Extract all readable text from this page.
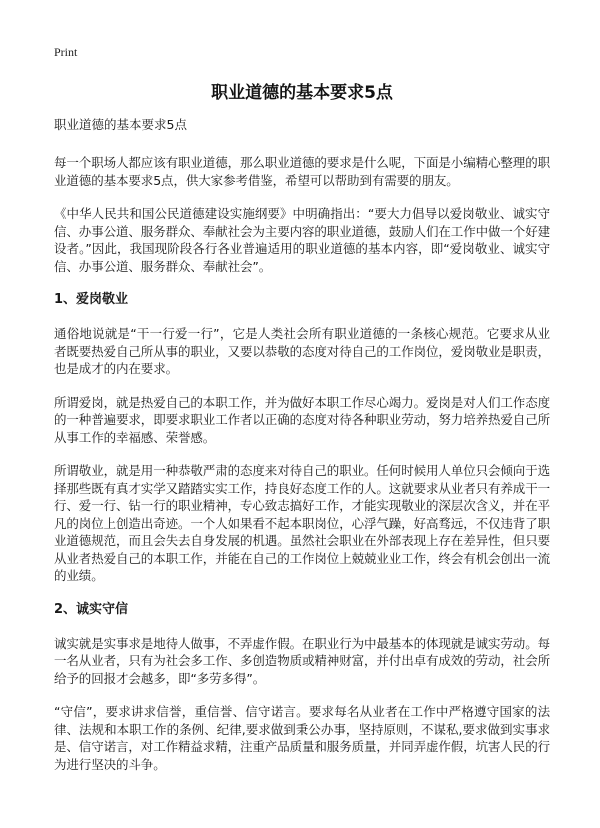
Print
职业道德的基本要求5点
职业道德的基本要求5点

每一个职场人都应该有职业道德，那么职业道德的要求是什么呢，下面是小编精心整理的职业道德的基本要求5点，供大家参考借鉴，希望可以帮助到有需要的朋友。

《中华人民共和国公民道德建设实施纲要》中明确指出：“要大力倡导以爱岗敬业、诚实守信、办事公道、服务群众、奉献社会为主要内容的职业道德，鼓励人们在工作中做一个好建设者。”因此，我国现阶段各行各业普遍适用的职业道德的基本内容，即“爱岗敬业、诚实守信、办事公道、服务群众、奉献社会”。

1、爱岗敬业

通俗地说就是“干一行爱一行”，它是人类社会所有职业道德的一条核心规范。它要求从业者既要热爱自己所从事的职业，又要以恭敬的态度对待自己的工作岗位，爱岗敬业是职责，也是成才的内在要求。

所谓爱岗，就是热爱自己的本职工作，并为做好本职工作尽心竭力。爱岗是对人们工作态度的一种普遍要求，即要求职业工作者以正确的态度对待各种职业劳动，努力培养热爱自己所从事工作的幸福感、荣誉感。

所谓敬业，就是用一种恭敬严肃的态度来对待自己的职业。任何时候用人单位只会倾向于选择那些既有真才实学又踏踏实实工作，持良好态度工作的人。这就要求从业者只有养成干一行、爱一行、钻一行的职业精神，专心致志搞好工作，才能实现敬业的深层次含义，并在平凡的岗位上创造出奇迹。一个人如果看不起本职岗位，心浮气躁，好高骛远，不仅违背了职业道德规范，而且会失去自身发展的机遇。虽然社会职业在外部表现上存在差异性，但只要从业者热爱自己的本职工作，并能在自己的工作岗位上兢兢业业工作，终会有机会创出一流的业绩。

2、诚实守信

诚实就是实事求是地待人做事，不弄虚作假。在职业行为中最基本的体现就是诚实劳动。每一名从业者，只有为社会多工作、多创造物质或精神财富，并付出卓有成效的劳动，社会所给予的回报才会越多，即“多劳多得”。

“守信”，要求讲求信誉，重信誉、信守诺言。要求每名从业者在工作中严格遵守国家的法律、法规和本职工作的条例、纪律,要求做到秉公办事，坚持原则，不谋私,要求做到实事求是、信守诺言，对工作精益求精，注重产品质量和服务质量，并同弄虚作假，坑害人民的行为进行坚决的斗争。
